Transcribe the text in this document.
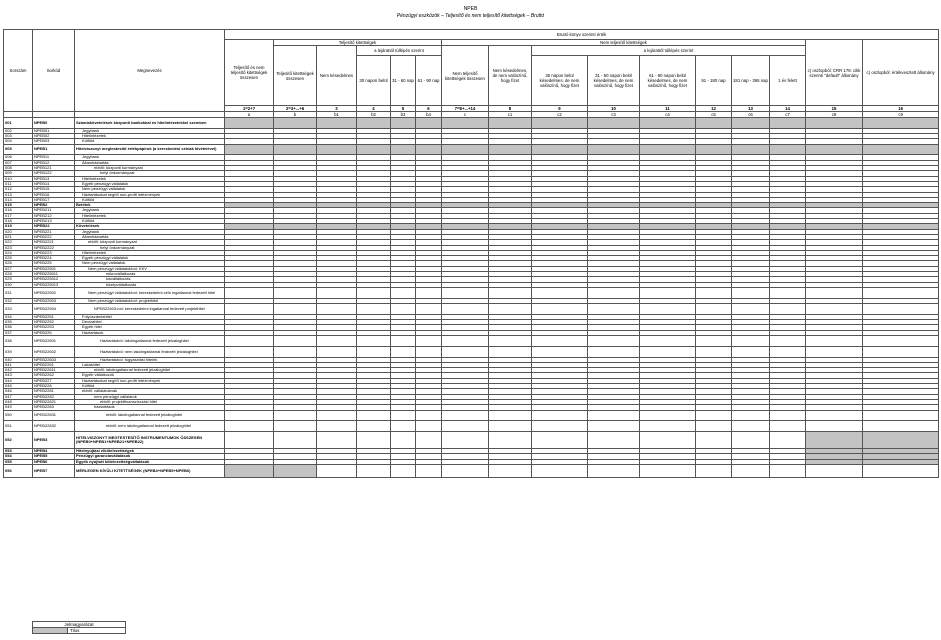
NPEB
Pénzügyi eszközök – Teljesítő és nem teljesítő kitettségek – Bruttó
Sorszám	Sorkód	Megnevezés	Bruttó könyv szerinti érték															
			Teljesítő és nem teljesítő kitettségek összesen	Teljesítő kitettségek					Nem teljesítő kitettségek								c) oszlopból: CRR 178. cikk szerinti "default" állomány	c) oszlopból: értékvesztett állomány
				Teljesítő kitettségek összesen	Nem késedelmes	a lejárattól túllépés szerint			Nem teljesítő kitettségek összesen	Nem késedelmes, de nem valószínű, hogy fizet	a lejárattól túllépés szerint							
						30 napon belül	31 - 60 nap	61 - 90 nap			30 napon belül késedelmes, de nem valószínű, hogy fizet	31 - 60 napon belül késedelmes, de nem valószínű, hogy fizet	61 - 90 napon belül késedelmes, de nem valószínű, hogy fizet	91 - 180 nap	181 nap - 365 nap	1 év felett		
			1=2+7	2=3+...+6	3	4	5	6	7=8+...+14	8	9	10	11	12	13	14	15	16
			a	b	b1	b2	b3	b4	c	c1	c2	c3	c4	c5	c6	c7	c8	c9
001	NPEB0	Számlakövetelések központi bankokkal és hitelintézetekkel szemben																
002	NPEB01	Jegybank																
003	NPEB02	Hitelintézetek																
004	NPEB03	Külföld																
005	NPEB1	Hitelviszonyt megtestesítő értékpapírok (a kereskedési célúak kivételével)																
006	NPEB11	Jegybank																
007	NPEB12	Államháztartás																
008	NPEB121	ebből: központi kormányzat																
009	NPEB122	helyi önkormányzat																
010	NPEB13	Hitelintézetek																
011	NPEB14	Egyéb pénzügyi vállalatok																
012	NPEB15	Nem pénzügyi vállalatok																
013	NPEB16	Háztartásokat segítő non-profit intézmények																
014	NPEB17	Külföld																
015	NPEB2	Betétek																
016	NPEB211	Jegybank																
017	NPEB212	Hitelintézetek																
018	NPEB213	Külföld																
019	NPEB22	Követelések																
020	NPEB221	Jegybank																
021	NPEB222	Államháztartás																
022	NPEB2221	ebből: központi kormányzat																
023	NPEB2222	helyi önkormányzat																
024	NPEB223	Hitelintézetek																
025	NPEB224	Egyéb pénzügyi vállalatok																
026	NPEB225	Nem pénzügyi vállalatok																
027	NPEB22501	Nem pénzügyi vállalatokból: KKV																
028	NPEB225011	mikrovállalkozás																
029	NPEB225012	kisvállalkozás																
030	NPEB225013	középvállalkozás																
031	NPEB22502	Nem pénzügyi vállalatokból: kereskedelmi célú ingatlannal fedezett hitel																
032	NPEB22503	Nem pénzügyi vállalatokból: projekthitel																
033	NPEB22504	NPEB22503-ból: kereskedelmi ingatlannal fedezett projekthitel																
034	NPEB2251	Folyószámlahitel																
035	NPEB2252	Devizahitel																
036	NPEB2253	Egyéb hitel																
037	NPEB226	Háztartások																
038	NPEB22601	Háztartásból: lakóingatlannal fedezett jelzáloghitel																
039	NPEB22602	Háztartásból: nem lakóingatlannal fedezett jelzáloghitel																
040	NPEB22603	Háztartásból: fogyasztási hitelek																
041	NPEB2261	Lakáshitel																
042	NPEB22611	ebből: lakóingatlannal fedezett jelzáloghitel																
043	NPEB2262	Egyéb vállalkozók																
044	NPEB227	Háztartásokat segítő non-profit intézmények																
045	NPEB228	Külföld																
046	NPEB2281	ebből: vállalatoknak																
047	NPEB2282	nem pénzügyi vállalatok																
048	NPEB22821	ebből: projektfinanszírozási hitel																
049	NPEB2283	háztartások																
050	NPEB22831	ebből: lakóingatlannal fedezett jelzáloghitel																
051	NPEB22832	ebből: nem lakóingatlannal fedezett jelzáloghitel																
052	NPEB3	HITELVISZONYT MEGTESTESÍTŐ INSTRUMENTUMOK ÖSSZESEN (NPEB0+NPEB1+NPEB21+NPEB22)																
053	NPEB4	Hitelnyújtási elkötelezettségek																
054	NPEB5	Pénzügyi garanciavállalások																
055	NPEB6	Egyéb nyújtott kötelezettségvállalások																
056	NPEB7	MÉRLEGEN KÍVÜLI KITETTSÉGEK (NPEB4+NPEB5+NPEB6)																
Jelmagyarázat
	Tilos
